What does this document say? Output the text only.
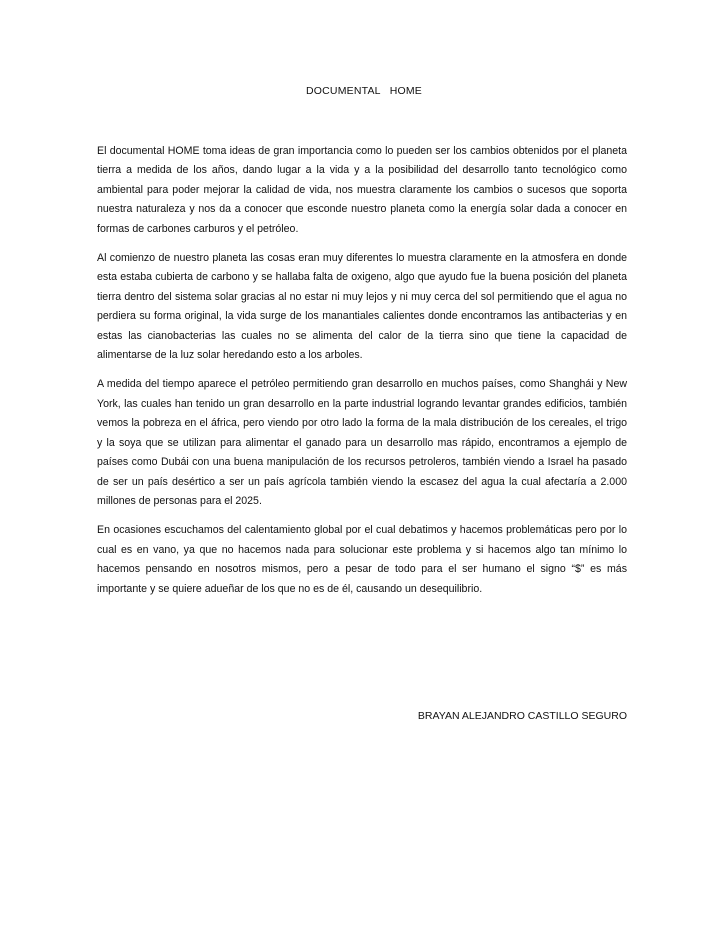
DOCUMENTAL   HOME

El documental HOME toma ideas de gran importancia como lo pueden ser los cambios obtenidos por el planeta tierra a medida de los años, dando lugar a la vida y a la posibilidad del desarrollo tanto tecnológico como ambiental para poder mejorar la calidad de vida, nos muestra claramente los cambios o sucesos que soporta nuestra naturaleza y nos da a conocer que esconde nuestro planeta como la energía solar dada a conocer en formas de carbones carburos y el petróleo.

Al comienzo de nuestro planeta las cosas eran muy diferentes lo muestra claramente en la atmosfera en donde esta estaba cubierta de carbono y se hallaba falta de oxigeno, algo que ayudo fue la buena posición del planeta tierra dentro del sistema solar gracias al no estar ni muy lejos y ni muy cerca del sol permitiendo que el agua no perdiera su forma original, la vida surge de los manantiales calientes donde encontramos las antibacterias y en estas las cianobacterias las cuales no se alimenta del calor de la tierra sino que tiene la capacidad de alimentarse de la luz solar heredando esto a los arboles.

A medida del tiempo aparece el petróleo permitiendo gran desarrollo en muchos países, como Shanghái y New York, las cuales han tenido un gran desarrollo en la parte industrial logrando levantar grandes edificios, también vemos la pobreza en el áfrica, pero viendo por otro lado la forma de la mala distribución de los cereales, el trigo y la soya que se utilizan para alimentar el ganado para un desarrollo mas rápido, encontramos a ejemplo de países como Dubái con una buena manipulación de los recursos petroleros, también viendo a Israel ha pasado de ser un país desértico a ser un país agrícola también viendo la escasez del agua la cual afectaría a 2.000 millones de personas para el 2025.

En ocasiones escuchamos del calentamiento global por el cual debatimos y hacemos problemáticas pero por lo cual es en vano, ya que no hacemos nada para solucionar este problema y si hacemos algo tan mínimo lo hacemos pensando en nosotros mismos, pero a pesar de todo para el ser humano el signo “$” es más importante y se quiere adueñar de los que no es de él, causando un desequilibrio.

BRAYAN ALEJANDRO CASTILLO SEGURO
